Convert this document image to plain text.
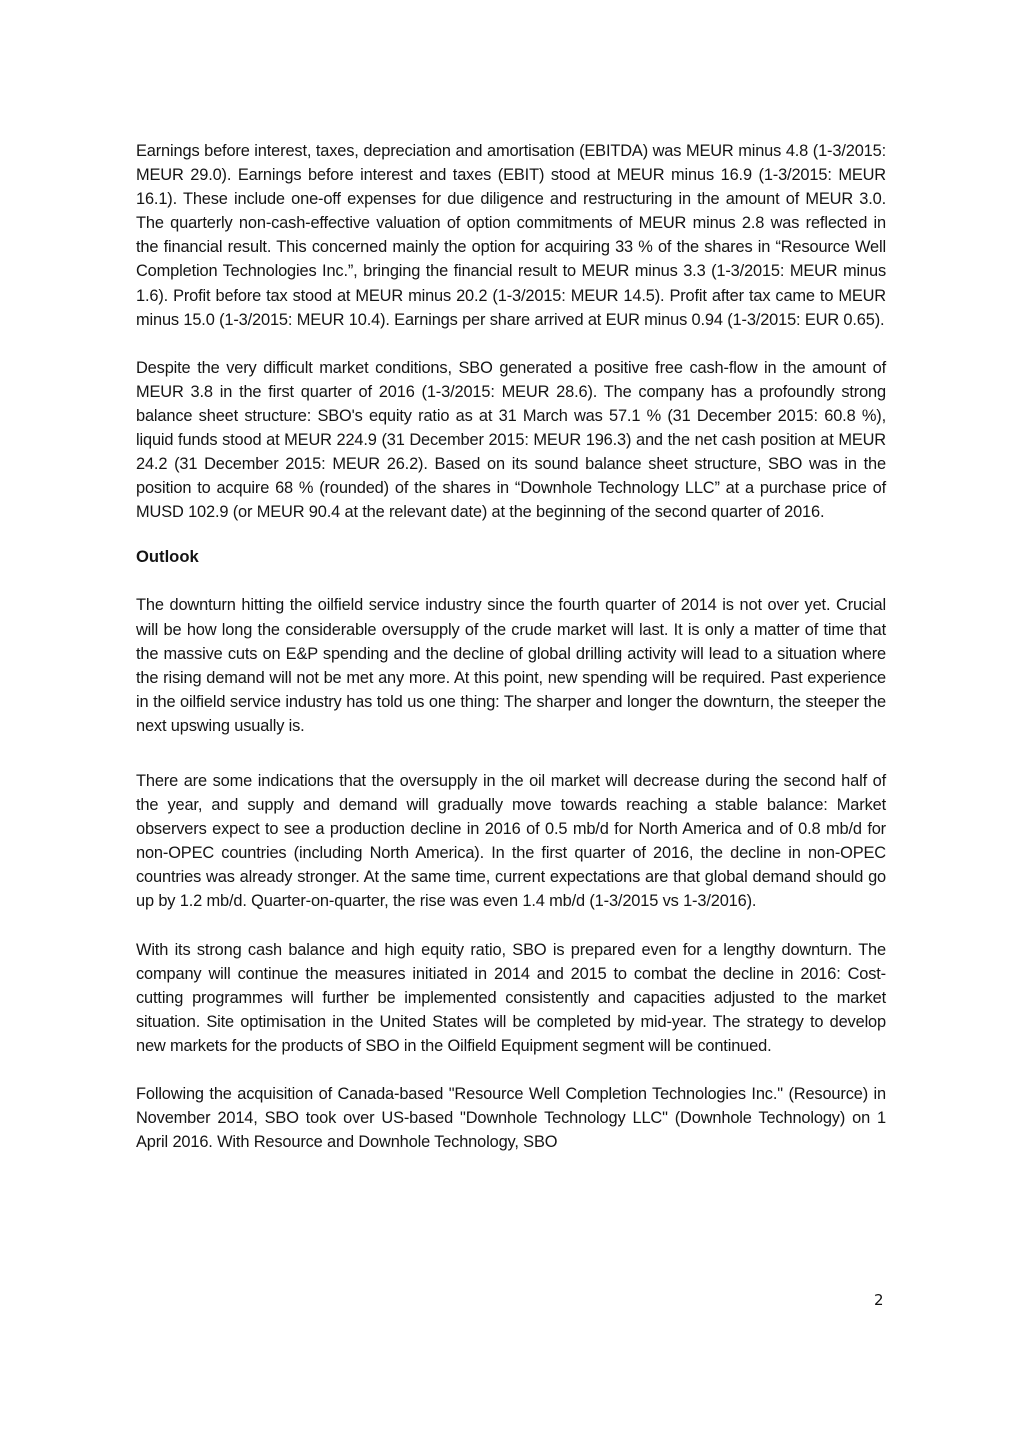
Earnings before interest, taxes, depreciation and amortisation (EBITDA) was MEUR minus 4.8 (1-3/2015: MEUR 29.0). Earnings before interest and taxes (EBIT) stood at MEUR minus 16.9 (1-3/2015: MEUR 16.1). These include one-off expenses for due diligence and restructuring in the amount of MEUR 3.0. The quarterly non-cash-effective valuation of option commitments of MEUR minus 2.8 was reflected in the financial result. This concerned mainly the option for acquiring 33 % of the shares in “Resource Well Completion Technologies Inc.”, bringing the financial result to MEUR minus 3.3 (1-3/2015: MEUR minus 1.6). Profit before tax stood at MEUR minus 20.2 (1-3/2015: MEUR 14.5). Profit after tax came to MEUR minus 15.0 (1-3/2015: MEUR 10.4). Earnings per share arrived at EUR minus 0.94 (1-3/2015: EUR 0.65).

Despite the very difficult market conditions, SBO generated a positive free cash-flow in the amount of MEUR 3.8 in the first quarter of 2016 (1-3/2015: MEUR 28.6). The company has a profoundly strong balance sheet structure: SBO's equity ratio as at 31 March was 57.1 % (31 December 2015: 60.8 %), liquid funds stood at MEUR 224.9 (31 December 2015: MEUR 196.3) and the net cash position at MEUR 24.2 (31 December 2015: MEUR 26.2). Based on its sound balance sheet structure, SBO was in the position to acquire 68 % (rounded) of the shares in “Downhole Technology LLC” at a purchase price of MUSD 102.9 (or MEUR 90.4 at the relevant date) at the beginning of the second quarter of 2016.

Outlook

The downturn hitting the oilfield service industry since the fourth quarter of 2014 is not over yet. Crucial will be how long the considerable oversupply of the crude market will last. It is only a matter of time that the massive cuts on E&P spending and the decline of global drilling activity will lead to a situation where the rising demand will not be met any more. At this point, new spending will be required. Past experience in the oilfield service industry has told us one thing: The sharper and longer the downturn, the steeper the next upswing usually is.

There are some indications that the oversupply in the oil market will decrease during the second half of the year, and supply and demand will gradually move towards reaching a stable balance: Market observers expect to see a production decline in 2016 of 0.5 mb/d for North America and of 0.8 mb/d for non-OPEC countries (including North America). In the first quarter of 2016, the decline in non-OPEC countries was already stronger. At the same time, current expectations are that global demand should go up by 1.2 mb/d. Quarter-on-quarter, the rise was even 1.4 mb/d (1-3/2015 vs 1-3/2016).

With its strong cash balance and high equity ratio, SBO is prepared even for a lengthy downturn. The company will continue the measures initiated in 2014 and 2015 to combat the decline in 2016: Cost-cutting programmes will further be implemented consistently and capacities adjusted to the market situation. Site optimisation in the United States will be completed by mid-year. The strategy to develop new markets for the products of SBO in the Oilfield Equipment segment will be continued.

Following the acquisition of Canada-based "Resource Well Completion Technologies Inc." (Resource) in November 2014, SBO took over US-based "Downhole Technology LLC" (Downhole Technology) on 1 April 2016. With Resource and Downhole Technology, SBO

2
